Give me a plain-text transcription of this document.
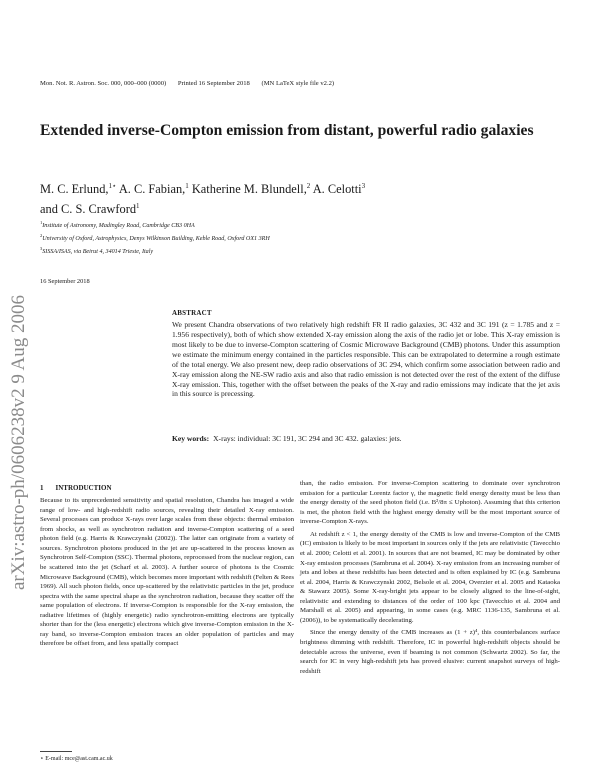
arXiv:astro-ph/0606238v2 9 Aug 2006
Mon. Not. R. Astron. Soc. 000, 000–000 (0000) Printed 16 September 2018 (MN LaTeX style file v2.2)
Extended inverse-Compton emission from distant, powerful radio galaxies
M. C. Erlund,$^{1⋆}$ A. C. Fabian,$^1$ Katherine M. Blundell,$^2$ A. Celotti$^3$
and C. S. Crawford$^1$
$^1$Institute of Astronomy, Madingley Road, Cambridge CB3 0HA
$^2$University of Oxford, Astrophysics, Denys Wilkinson Building, Keble Road, Oxford OX1 3RH
$^3$SISSA/ISAS, via Beirut 4, 34014 Trieste, Italy
16 September 2018
ABSTRACT
We present Chandra observations of two relatively high redshift FR II radio galaxies, 3C 432 and 3C 191 (z = 1.785 and z = 1.956 respectively), both of which show extended X-ray emission along the axis of the radio jet or lobe. This X-ray emission is most likely to be due to inverse-Compton scattering of Cosmic Microwave Background (CMB) photons. Under this assumption we estimate the minimum energy contained in the particles responsible. This can be extrapolated to determine a rough estimate of the total energy. We also present new, deep radio observations of 3C 294, which confirm some association between radio and X-ray emission along the NE-SW radio axis and also that radio emission is not detected over the rest of the extent of the diffuse X-ray emission. This, together with the offset between the peaks of the X-ray and radio emissions may indicate that the jet axis in this source is precessing.
Key words: X-rays: individual: 3C 191, 3C 294 and 3C 432. galaxies: jets.
1 INTRODUCTION

Because to its unprecedented sensitivity and spatial resolution, Chandra has imaged a wide range of low- and high-redshift radio sources, revealing their detailed X-ray emission. Several processes can produce X-rays over large scales from these objects: thermal emission from shocks, as well as synchrotron radiation and inverse-Compton scattering of a seed photon field (e.g. Harris & Krawczynski (2002)). The latter can originate from a variety of sources. Synchrotron photons produced in the jet are up-scattered in the process known as Synchrotron Self-Compton (SSC). Thermal photons, reprocessed from the nuclear region, can be scattered into the jet (Scharf et al. 2003). A further source of photons is the Cosmic Microwave Background (CMB), which becomes more important with redshift (Felten & Rees 1969). All such photon fields, once up-scattered by the relativistic particles in the jet, produce spectra with the same spectral shape as the synchrotron radiation, because they scatter off the same population of electrons. If inverse-Compton is responsible for the X-ray emission, the radiative lifetimes of (highly energetic) radio synchrotron-emitting electrons are typically shorter than for the (less energetic) electrons which give inverse-Compton emission in the X-ray band, so inverse-Compton emission traces an older population of particles and may therefore be offset from, and less spatially compact

than, the radio emission. For inverse-Compton scattering to dominate over synchrotron emission for a particular Lorentz factor γ, the magnetic field energy density must be less than the energy density of the seed photon field (i.e. B²/8π ≤ Uphoton). Assuming that this criterion is met, the photon field with the highest energy density will be the most important source of inverse-Compton X-rays.

At redshift z < 1, the energy density of the CMB is low and inverse-Compton of the CMB (IC) emission is likely to be most important in sources only if the jets are relativistic (Tavecchio et al. 2000; Celotti et al. 2001). In sources that are not beamed, IC may be dominated by other X-ray emission processes (Sambruna et al. 2004). X-ray emission from an increasing number of jets and lobes at these redshifts has been detected and is often explained by IC (e.g. Sambruna et al. 2004, Harris & Krawczynski 2002, Belsole et al. 2004, Overzier et al. 2005 and Kataoka & Stawarz 2005). Some X-ray-bright jets appear to be closely aligned to the line-of-sight, relativistic and extending to distances of the order of 100 kpc (Tavecchio et al. 2004 and Marshall et al. 2005) and appearing, in some cases (e.g. MRC 1136-135, Sambruna et al. (2006)), to be systematically decelerating.

Since the energy density of the CMB increases as (1 + z)⁴, this counterbalances surface brightness dimming with redshift. Therefore, IC in powerful high-redshift objects should be detectable across the universe, even if beaming is not common (Schwartz 2002). So far, the search for IC in very high-redshift jets has proved elusive: current snapshot surveys of high-redshift

⋆ E-mail: mce@ast.cam.ac.uk
